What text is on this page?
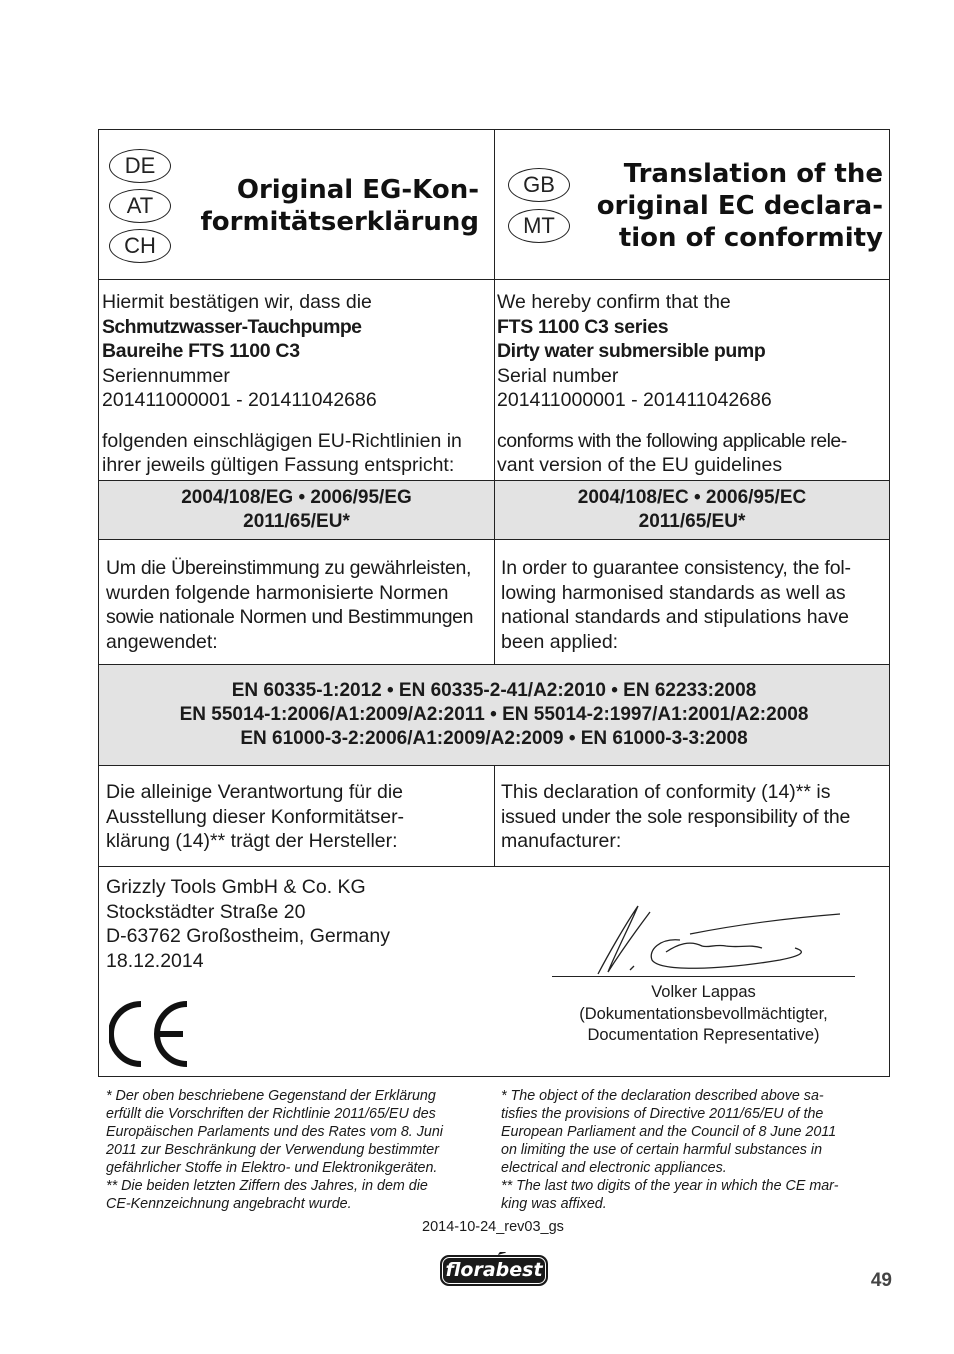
DE
AT
CH
Original EG-Kon-
formitätserklärung
GB
MT
Translation of the
original EC declara-
tion of conformity
Hiermit bestätigen wir, dass die
Schmutzwasser-Tauchpumpe
Baureihe FTS 1100 C3
Seriennummer
201411000001 - 201411042686
folgenden einschlägigen EU-Richtlinien in
ihrer jeweils gültigen Fassung entspricht:
We hereby confirm that the
FTS 1100 C3 series
Dirty water submersible pump
Serial number
201411000001 - 201411042686
conforms with the following applicable rele-
vant version of the EU guidelines
2004/108/EG • 2006/95/EG
2011/65/EU*
2004/108/EC • 2006/95/EC
2011/65/EU*
Um die Übereinstimmung zu gewährleisten,
wurden folgende harmonisierte Normen
sowie nationale Normen und Bestimmungen
angewendet:
In order to guarantee consistency, the fol-
lowing harmonised standards as well as
national standards and stipulations have
been applied:
EN 60335-1:2012 • EN 60335-2-41/A2:2010 • EN 62233:2008
EN 55014-1:2006/A1:2009/A2:2011 • EN 55014-2:1997/A1:2001/A2:2008
EN 61000-3-2:2006/A1:2009/A2:2009 • EN 61000-3-3:2008
Die alleinige Verantwortung für die
Ausstellung dieser Konformitätser-
klärung (14)** trägt der Hersteller:
This declaration of conformity (14)** is
issued under the sole responsibility of the
manufacturer:
Grizzly Tools GmbH & Co. KG
Stockstädter Straße 20
D-63762 Großostheim, Germany
18.12.2014
Volker Lappas
(Dokumentationsbevollmächtigter,
Documentation Representative)
* Der oben beschriebene Gegenstand der Erklärung
erfüllt die Vorschriften der Richtlinie 2011/65/EU des
Europäischen Parlaments und des Rates vom 8. Juni
2011 zur Beschränkung der Verwendung bestimmter
gefährlicher Stoffe in Elektro- und Elektronikgeräten.
** Die beiden letzten Ziffern des Jahres, in dem die
CE-Kennzeichnung angebracht wurde.
* The object of the declaration described above sa-
tisfies the provisions of Directive 2011/65/EU of the
European Parliament and the Council of 8 June 2011
on limiting the use of certain harmful substances in
electrical and electronic appliances.
** The last two digits of the year in which the CE mar-
king was affixed.
2014-10-24_rev03_gs
florabest	49
